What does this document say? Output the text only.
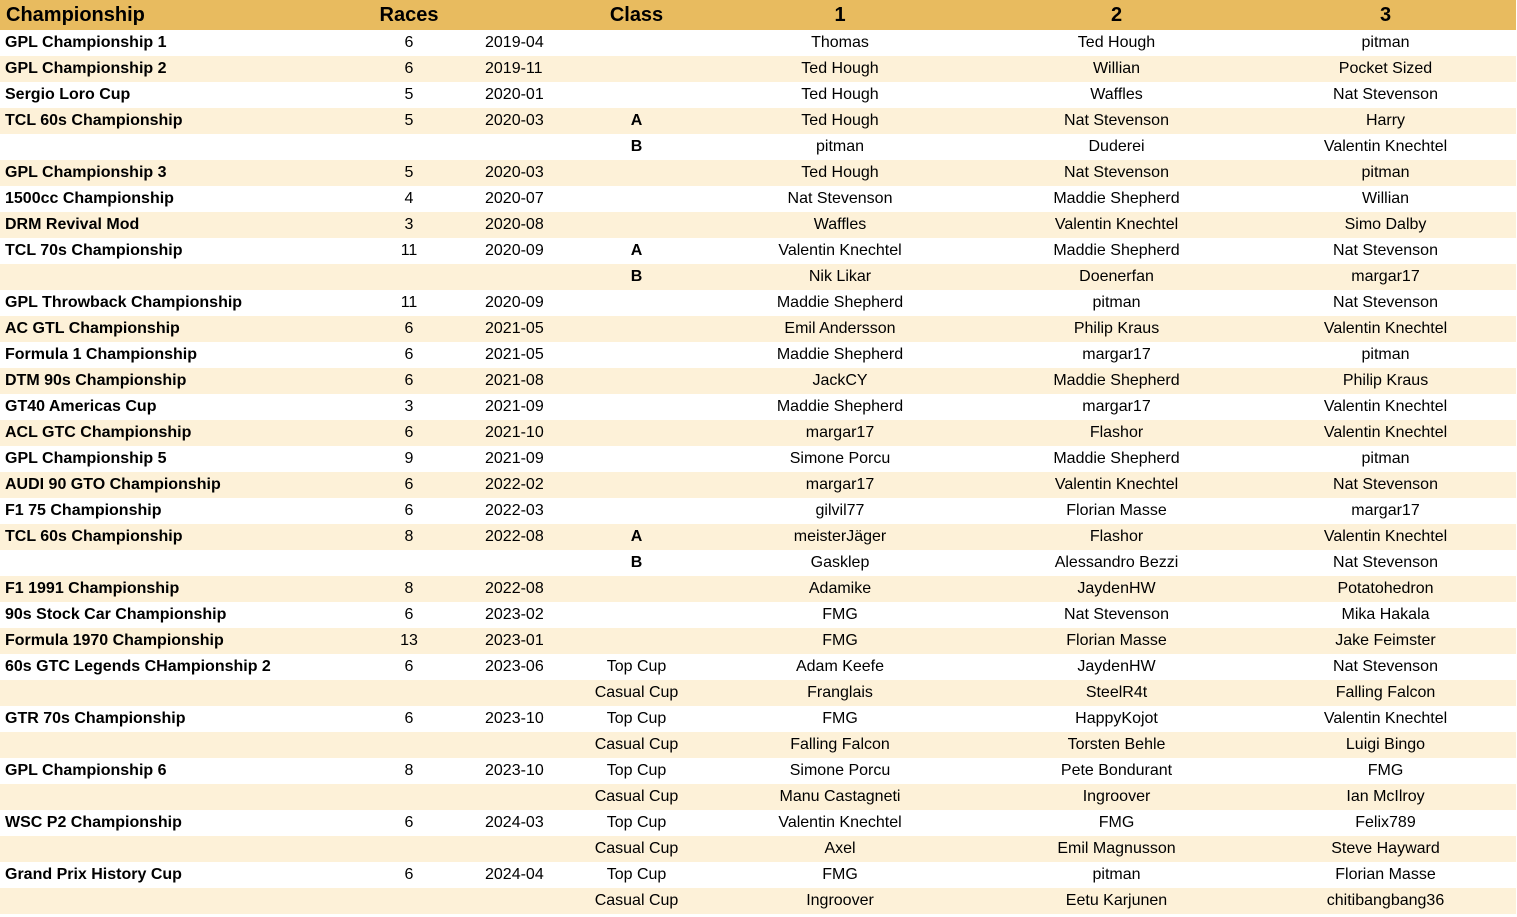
Championship	Races		Class	1	2	3
GPL Championship 1	6	2019-04		Thomas	Ted Hough	pitman
GPL Championship 2	6	2019-11		Ted Hough	Willian	Pocket Sized
Sergio Loro Cup	5	2020-01		Ted Hough	Waffles	Nat Stevenson
TCL 60s Championship	5	2020-03	A	Ted Hough	Nat Stevenson	Harry
			B	pitman	Duderei	Valentin Knechtel
GPL Championship 3	5	2020-03		Ted Hough	Nat Stevenson	pitman
1500cc Championship	4	2020-07		Nat Stevenson	Maddie Shepherd	Willian
DRM Revival Mod	3	2020-08		Waffles	Valentin Knechtel	Simo Dalby
TCL 70s Championship	11	2020-09	A	Valentin Knechtel	Maddie Shepherd	Nat Stevenson
			B	Nik Likar	Doenerfan	margar17
GPL Throwback Championship	11	2020-09		Maddie Shepherd	pitman	Nat Stevenson
AC GTL Championship	6	2021-05		Emil Andersson	Philip Kraus	Valentin Knechtel
Formula 1 Championship	6	2021-05		Maddie Shepherd	margar17	pitman
DTM 90s Championship	6	2021-08		JackCY	Maddie Shepherd	Philip Kraus
GT40 Americas Cup	3	2021-09		Maddie Shepherd	margar17	Valentin Knechtel
ACL GTC Championship	6	2021-10		margar17	Flashor	Valentin Knechtel
GPL Championship 5	9	2021-09		Simone Porcu	Maddie Shepherd	pitman
AUDI 90 GTO Championship	6	2022-02		margar17	Valentin Knechtel	Nat Stevenson
F1 75 Championship	6	2022-03		gilvil77	Florian Masse	margar17
TCL 60s Championship	8	2022-08	A	meisterJäger	Flashor	Valentin Knechtel
			B	Gasklep	Alessandro Bezzi	Nat Stevenson
F1 1991 Championship	8	2022-08		Adamike	JaydenHW	Potatohedron
90s Stock Car Championship	6	2023-02		FMG	Nat Stevenson	Mika Hakala
Formula 1970 Championship	13	2023-01		FMG	Florian Masse	Jake Feimster
60s GTC Legends CHampionship 2	6	2023-06	Top Cup	Adam Keefe	JaydenHW	Nat Stevenson
			Casual Cup	Franglais	SteelR4t	Falling Falcon
GTR 70s Championship	6	2023-10	Top Cup	FMG	HappyKojot	Valentin Knechtel
			Casual Cup	Falling Falcon	Torsten Behle	Luigi Bingo
GPL Championship 6	8	2023-10	Top Cup	Simone Porcu	Pete Bondurant	FMG
			Casual Cup	Manu Castagneti	Ingroover	Ian McIlroy
WSC P2 Championship	6	2024-03	Top Cup	Valentin Knechtel	FMG	Felix789
			Casual Cup	Axel	Emil Magnusson	Steve Hayward
Grand Prix History Cup	6	2024-04	Top Cup	FMG	pitman	Florian Masse
			Casual Cup	Ingroover	Eetu Karjunen	chitibangbang36
